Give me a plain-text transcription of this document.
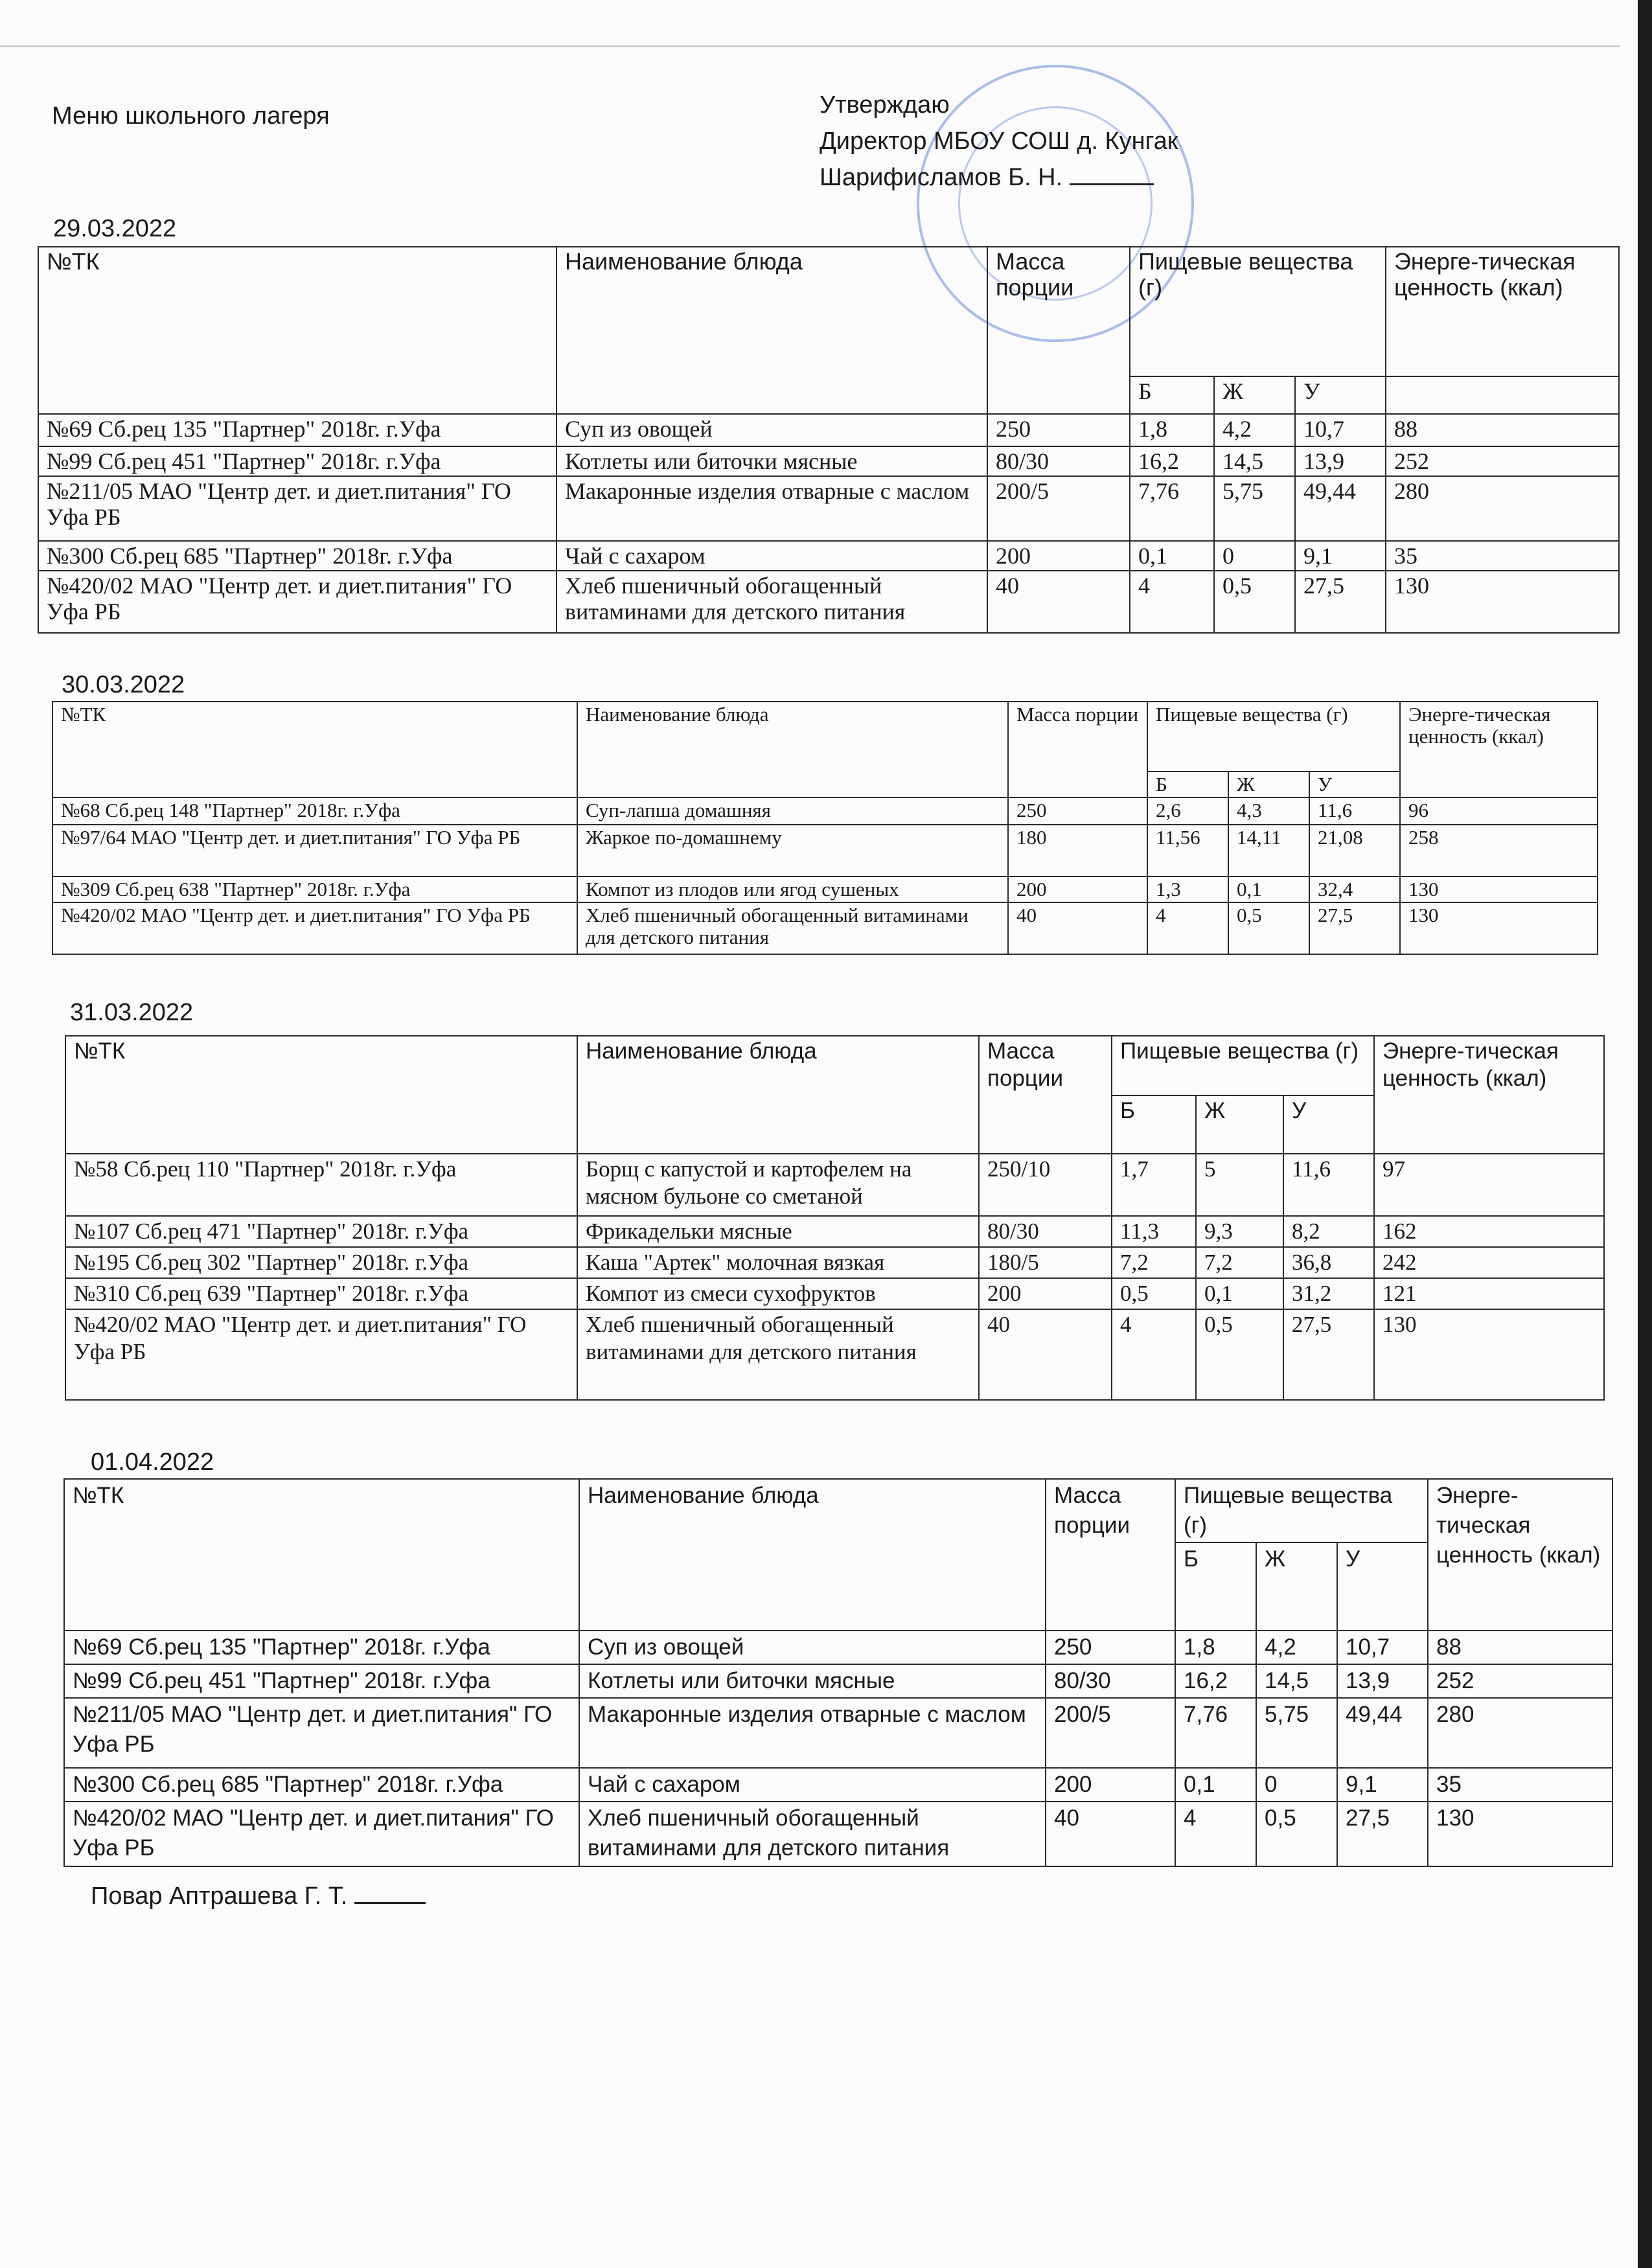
Меню школьного лагеря	Утверждаю
Директор МБОУ СОШ д. Кунгак
Шарифисламов Б. Н.
29.03.2022
№ТК	Наименование блюда	Масса порции	Пищевые вещества (г)			Энерге-тическая ценность (ккал)
			Б	Ж	У	
№69 Сб.рец 135 "Партнер" 2018г. г.Уфа	Суп из овощей	250	1,8	4,2	10,7	88
№99 Сб.рец 451 "Партнер" 2018г. г.Уфа	Котлеты или биточки мясные	80/30	16,2	14,5	13,9	252
№211/05 МАО "Центр дет. и диет.питания" ГО Уфа РБ	Макаронные изделия отварные с маслом	200/5	7,76	5,75	49,44	280
№300 Сб.рец 685 "Партнер" 2018г. г.Уфа	Чай с сахаром	200	0,1	0	9,1	35
№420/02 МАО "Центр дет. и диет.питания" ГО Уфа РБ	Хлеб пшеничный обогащенный витаминами для детского питания	40	4	0,5	27,5	130
30.03.2022
№ТК	Наименование блюда	Масса порции	Пищевые вещества (г)			Энерге-тическая ценность (ккал)
			Б	Ж	У	
№68 Сб.рец 148 "Партнер" 2018г. г.Уфа	Суп-лапша домашняя	250	2,6	4,3	11,6	96
№97/64 МАО "Центр дет. и диет.питания" ГО Уфа РБ	Жаркое по-домашнему	180	11,56	14,11	21,08	258
№309 Сб.рец 638 "Партнер" 2018г. г.Уфа	Компот из плодов или ягод сушеных	200	1,3	0,1	32,4	130
№420/02 МАО "Центр дет. и диет.питания" ГО Уфа РБ	Хлеб пшеничный обогащенный витаминами для детского питания	40	4	0,5	27,5	130
31.03.2022
№ТК	Наименование блюда	Масса порции	Пищевые вещества (г)			Энерге-тическая ценность (ккал)
			Б	Ж	У	
№58 Сб.рец 110 "Партнер" 2018г. г.Уфа	Борщ с капустой и картофелем на мясном бульоне со сметаной	250/10	1,7	5	11,6	97
№107 Сб.рец 471 "Партнер" 2018г. г.Уфа	Фрикадельки мясные	80/30	11,3	9,3	8,2	162
№195 Сб.рец 302 "Партнер" 2018г. г.Уфа	Каша "Артек" молочная вязкая	180/5	7,2	7,2	36,8	242
№310 Сб.рец 639 "Партнер" 2018г. г.Уфа	Компот из смеси сухофруктов	200	0,5	0,1	31,2	121
№420/02 МАО "Центр дет. и диет.питания" ГО Уфа РБ	Хлеб пшеничный обогащенный витаминами для детского питания	40	4	0,5	27,5	130
01.04.2022
№ТК	Наименование блюда	Масса порции	Пищевые вещества (г)			Энерге-тическая ценность (ккал)
			Б	Ж	У	
№69 Сб.рец 135 "Партнер" 2018г. г.Уфа	Суп из овощей	250	1,8	4,2	10,7	88
№99 Сб.рец 451 "Партнер" 2018г. г.Уфа	Котлеты или биточки мясные	80/30	16,2	14,5	13,9	252
№211/05 МАО "Центр дет. и диет.питания" ГО Уфа РБ	Макаронные изделия отварные с маслом	200/5	7,76	5,75	49,44	280
№300 Сб.рец 685 "Партнер" 2018г. г.Уфа	Чай с сахаром	200	0,1	0	9,1	35
№420/02 МАО "Центр дет. и диет.питания" ГО Уфа РБ	Хлеб пшеничный обогащенный витаминами для детского питания	40	4	0,5	27,5	130
Повар Аптрашева Г. Т.
